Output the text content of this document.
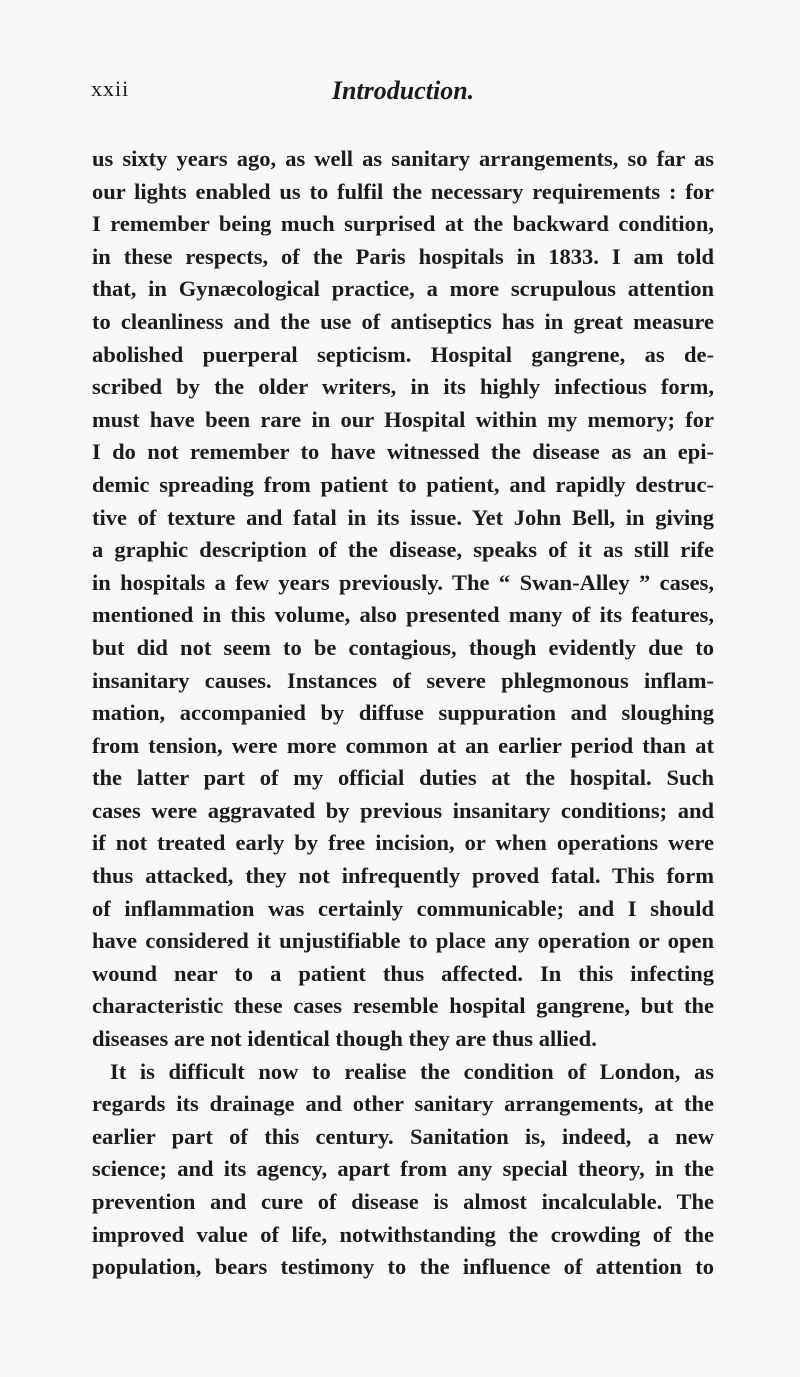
xxii	Introduction.
us sixty years ago, as well as sanitary arrangements, so far as
our lights enabled us to fulfil the necessary requirements : for
I remember being much surprised at the backward condition,
in these respects, of the Paris hospitals in 1833. I am told
that, in Gynæcological practice, a more scrupulous attention
to cleanliness and the use of antiseptics has in great measure
abolished puerperal septicism. Hospital gangrene, as de-
scribed by the older writers, in its highly infectious form,
must have been rare in our Hospital within my memory; for
I do not remember to have witnessed the disease as an epi-
demic spreading from patient to patient, and rapidly destruc-
tive of texture and fatal in its issue. Yet John Bell, in giving
a graphic description of the disease, speaks of it as still rife
in hospitals a few years previously. The “ Swan-Alley ” cases,
mentioned in this volume, also presented many of its features,
but did not seem to be contagious, though evidently due to
insanitary causes. Instances of severe phlegmonous inflam-
mation, accompanied by diffuse suppuration and sloughing
from tension, were more common at an earlier period than at
the latter part of my official duties at the hospital. Such
cases were aggravated by previous insanitary conditions; and
if not treated early by free incision, or when operations were
thus attacked, they not infrequently proved fatal. This form
of inflammation was certainly communicable; and I should
have considered it unjustifiable to place any operation or open
wound near to a patient thus affected. In this infecting
characteristic these cases resemble hospital gangrene, but the
diseases are not identical though they are thus allied.
It is difficult now to realise the condition of London, as
regards its drainage and other sanitary arrangements, at the
earlier part of this century. Sanitation is, indeed, a new
science; and its agency, apart from any special theory, in the
prevention and cure of disease is almost incalculable. The
improved value of life, notwithstanding the crowding of the
population, bears testimony to the influence of attention to
